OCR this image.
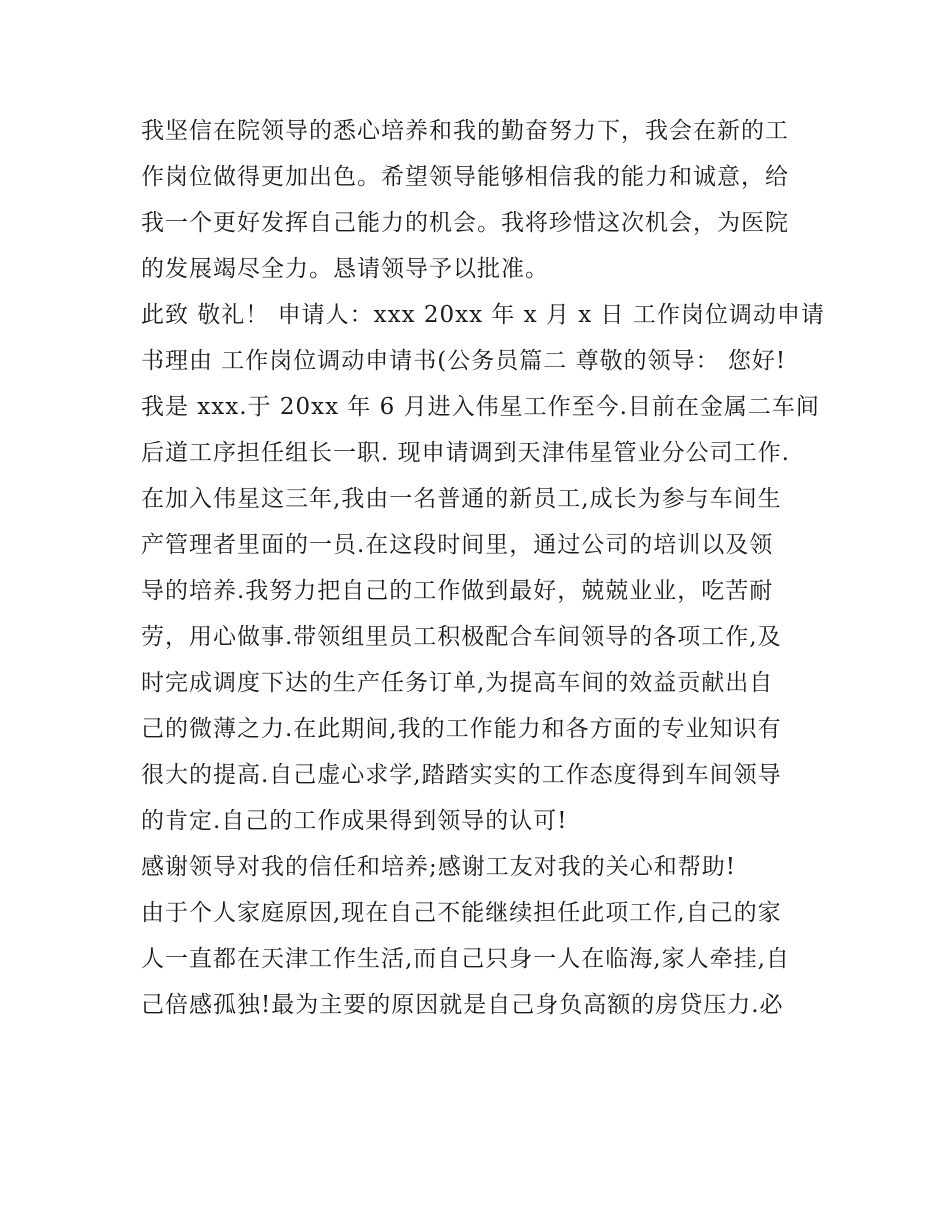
我坚信在院领导的悉心培养和我的勤奋努力下，我会在新的工
作岗位做得更加出色。希望领导能够相信我的能力和诚意，给
我一个更好发挥自己能力的机会。我将珍惜这次机会，为医院
的发展竭尽全力。恳请领导予以批准。
此致 敬礼！ 申请人：xxx 20xx 年 x 月 x 日 工作岗位调动申请
书理由 工作岗位调动申请书(公务员篇二 尊敬的领导： 您好!
我是 xxx.于 20xx 年 6 月进入伟星工作至今.目前在金属二车间
后道工序担任组长一职. 现申请调到天津伟星管业分公司工作.
在加入伟星这三年,我由一名普通的新员工,成长为参与车间生
产管理者里面的一员.在这段时间里，通过公司的培训以及领
导的培养.我努力把自己的工作做到最好，兢兢业业，吃苦耐
劳，用心做事.带领组里员工积极配合车间领导的各项工作,及
时完成调度下达的生产任务订单,为提高车间的效益贡献出自
己的微薄之力.在此期间,我的工作能力和各方面的专业知识有
很大的提高.自己虚心求学,踏踏实实的工作态度得到车间领导
的肯定.自己的工作成果得到领导的认可!
感谢领导对我的信任和培养;感谢工友对我的关心和帮助!
由于个人家庭原因,现在自己不能继续担任此项工作,自己的家
人一直都在天津工作生活,而自己只身一人在临海,家人牵挂,自
己倍感孤独!最为主要的原因就是自己身负高额的房贷压力.必
